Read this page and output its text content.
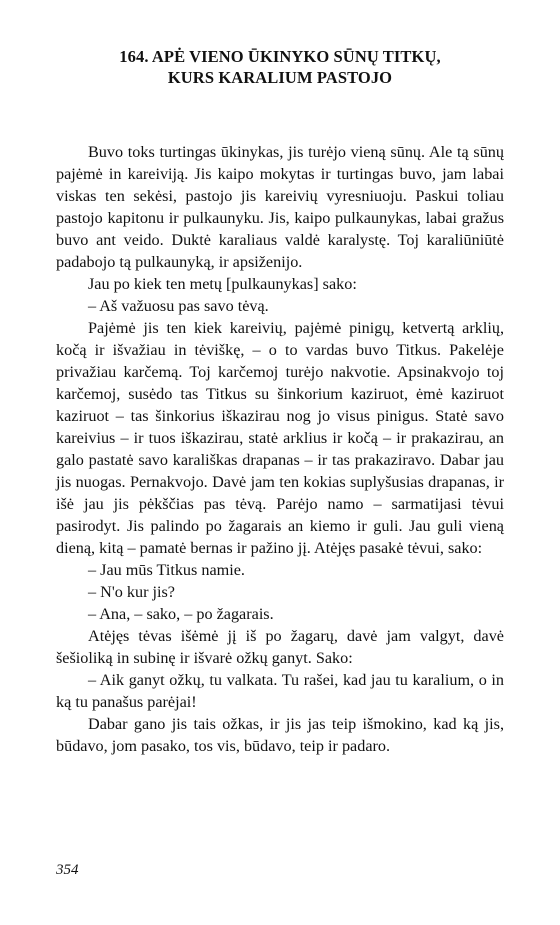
164. APĖ VIENO ŪKINYKO SŪNŲ TITKŲ,
KURS KARALIUM PASTOJO

Buvo toks turtingas ūkinykas, jis turėjo vieną sūnų. Ale tą sūnų pajėmė in kareiviją. Jis kaipo mokytas ir turtingas buvo, jam labai viskas ten sekėsi, pastojo jis kareivių vyresniuoju. Paskui toliau pastojo kapitonu ir pulkaunyku. Jis, kaipo pulkaunykas, labai gražus buvo ant veido. Duktė karaliaus valdė karalystę. Toj karaliūniūtė padabojo tą pulkaunyką, ir apsiženijo.

Jau po kiek ten metų [pulkaunykas] sako:

– Aš važuosu pas savo tėvą.

Pajėmė jis ten kiek kareivių, pajėmė pinigų, ketvertą arklių, kočą ir išvažiau in tėviškę, – o to vardas buvo Titkus. Pakelėje privažiau karčemą. Toj karčemoj turėjo nakvotie. Apsinakvojo toj karčemoj, susėdo tas Titkus su šinkorium kaziruot, ėmė kaziruot kaziruot – tas šinkorius iškazirau nog jo visus pinigus. Statė savo kareivius – ir tuos iškazirau, statė arklius ir kočą – ir prakazirau, an galo pastatė savo karališkas drapanas – ir tas prakaziravo. Dabar jau jis nuogas. Pernakvojo. Davė jam ten kokias suplyšusias drapanas, ir išė jau jis pėkščias pas tėvą. Parėjo namo – sarmatijasi tėvui pasirodyt. Jis palindo po žagarais an kiemo ir guli. Jau guli vieną dieną, kitą – pamatė bernas ir pažino jį. Atėjęs pasakė tėvui, sako:

– Jau mūs Titkus namie.

– N'o kur jis?

– Ana, – sako, – po žagarais.

Atėjęs tėvas išėmė jį iš po žagarų, davė jam valgyt, davė šešioliką in subinę ir išvarė ožkų ganyt. Sako:

– Aik ganyt ožkų, tu valkata. Tu rašei, kad jau tu karalium, o in ką tu panašus parėjai!

Dabar gano jis tais ožkas, ir jis jas teip išmokino, kad ką jis, būdavo, jom pasako, tos vis, būdavo, teip ir padaro.

354
